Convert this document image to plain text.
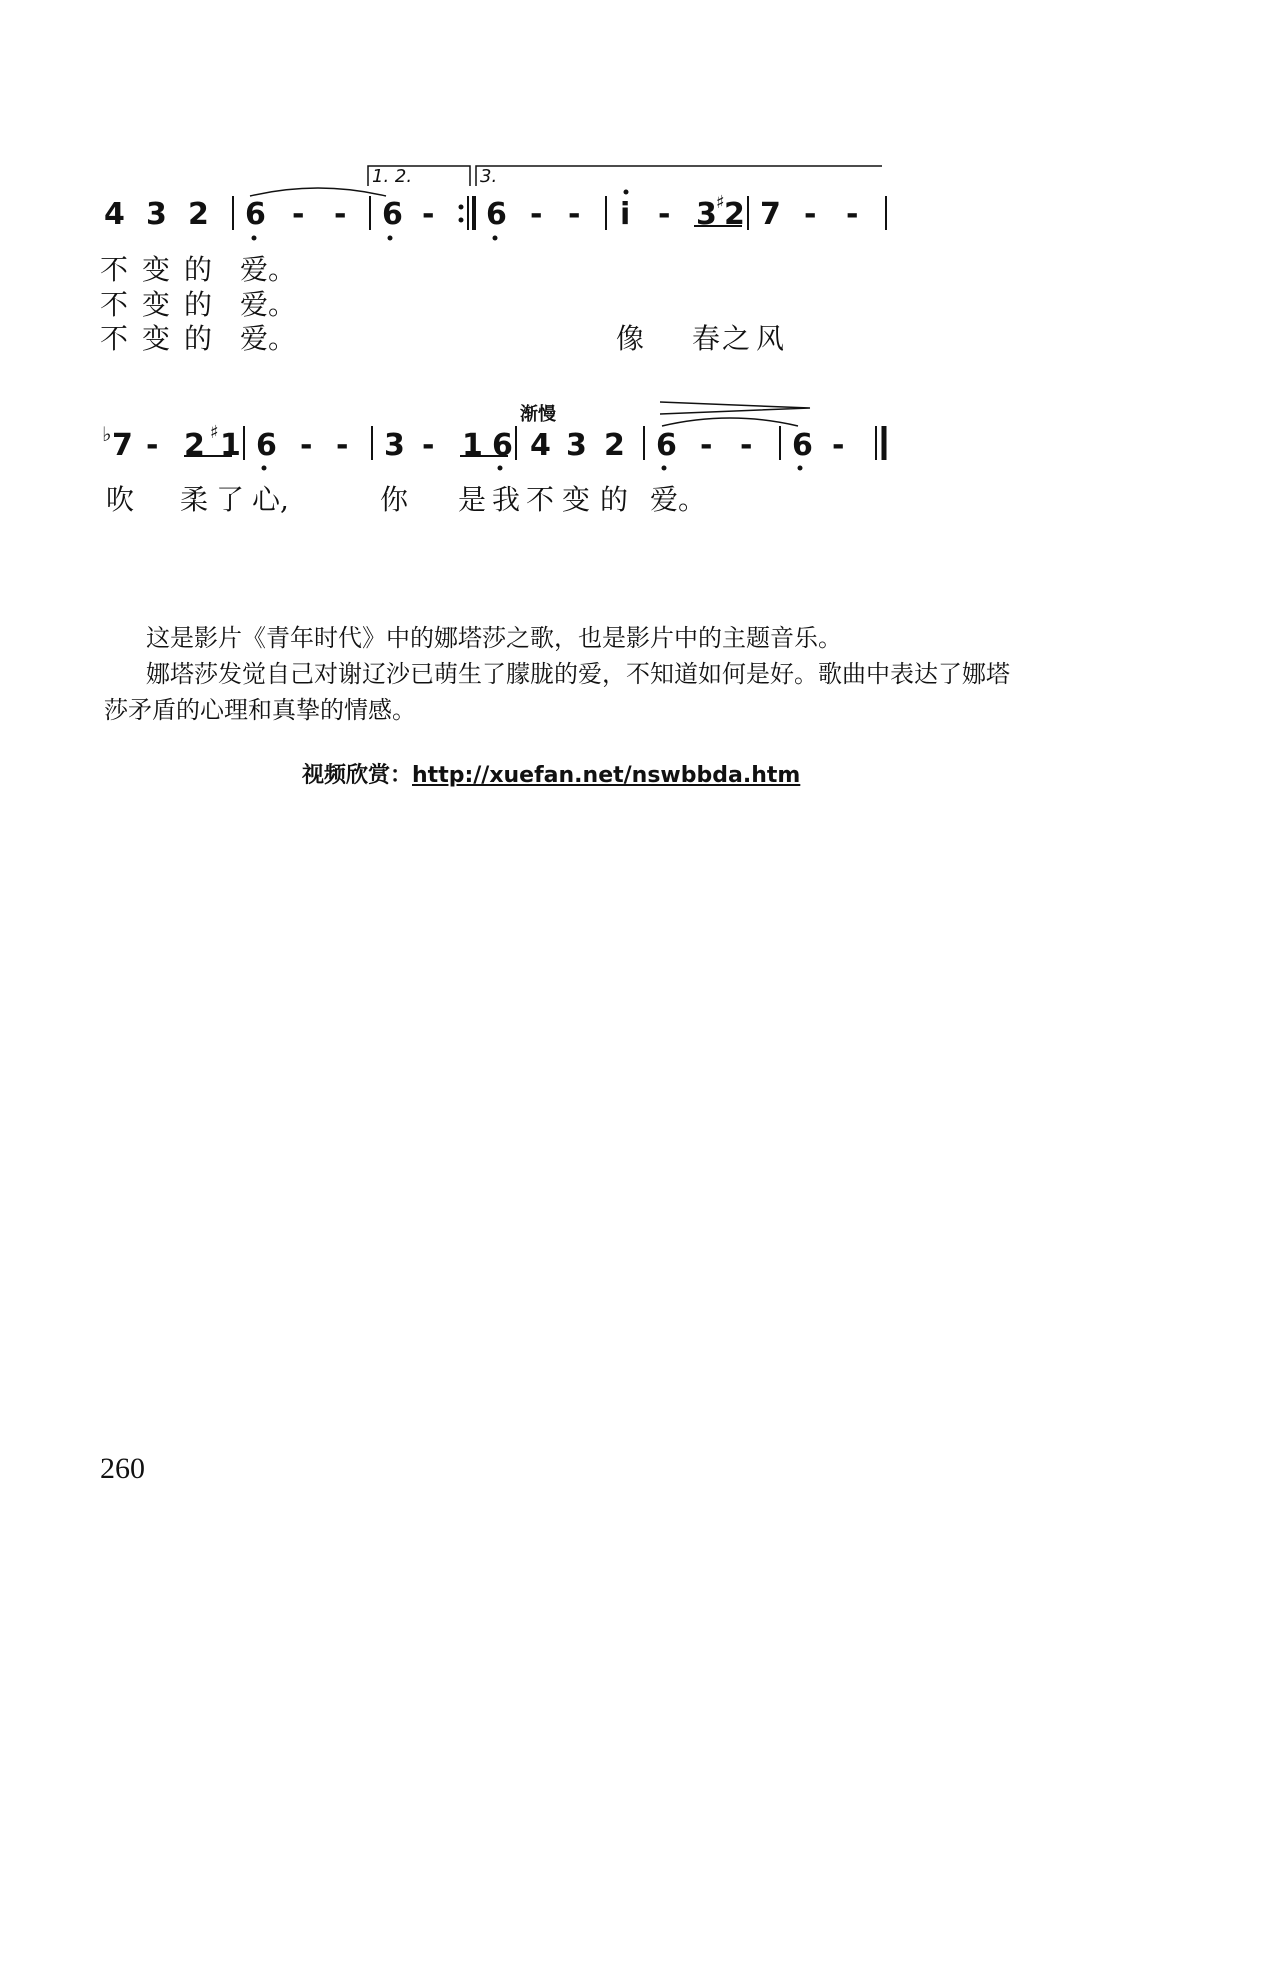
1. 2.	3.
4 3 2 6 - - 6 - 6 - - i - 3 ♯ 2 7 - -
不 变 的 爱。
不 变 的 爱。
不 变 的 爱。	像 春 之 风
渐慢
♭ 7 - 2 ♯ 1 6 - - 3 - 1 6 4 3 2 6 - - 6 -
吹 柔 了 心,	你 是 我 不 变 的 爱。
这是影片《青年时代》中的娜塔莎之歌，也是影片中的主题音乐。
娜塔莎发觉自己对谢辽沙已萌生了朦胧的爱，不知道如何是好。歌曲中表达了娜塔
莎矛盾的心理和真挚的情感。
视频欣赏：http://xuefan.net/nswbbda.htm
260
